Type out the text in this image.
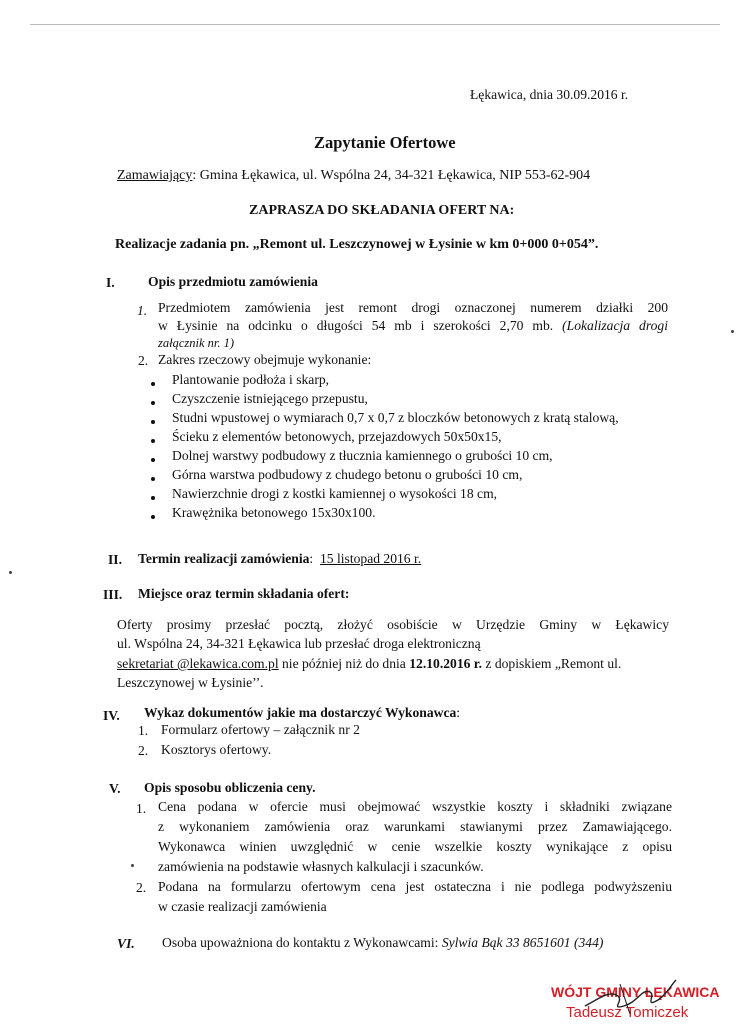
Łękawica, dnia 30.09.2016 r.
Zapytanie Ofertowe
Zamawiający: Gmina Łękawica, ul. Wspólna 24, 34-321 Łękawica, NIP 553-62-904
ZAPRASZA DO SKŁADANIA OFERT NA:
Realizacje zadania pn. „Remont ul. Leszczynowej w Łysinie w km 0+000 0+054”.
I. Opis przedmiotu zamówienia
1. Przedmiotem zamówienia jest remont drogi oznaczonej numerem działki 200
w Łysinie na odcinku o długości 54 mb i szerokości 2,70 mb. (Lokalizacja drogi
załącznik nr. 1)
2. Zakres rzeczowy obejmuje wykonanie:
Plantowanie podłoża i skarp,
Czyszczenie istniejącego przepustu,
Studni wpustowej o wymiarach 0,7 x 0,7 z bloczków betonowych z kratą stalową,
Ścieku z elementów betonowych, przejazdowych 50x50x15,
Dolnej warstwy podbudowy z tłucznia kamiennego o grubości 10 cm,
Górna warstwa podbudowy z chudego betonu o grubości 10 cm,
Nawierzchnie drogi z kostki kamiennej o wysokości 18 cm,
Krawężnika betonowego 15x30x100.
II. Termin realizacji zamówienia: 15 listopad 2016 r.
III. Miejsce oraz termin składania ofert:
Oferty prosimy przesłać pocztą, złożyć osobiście w Urzędzie Gminy w Łękawicy
ul. Wspólna 24, 34-321 Łękawica lub przesłać droga elektroniczną
sekretariat @lekawica.com.pl nie później niż do dnia 12.10.2016 r. z dopiskiem „Remont ul.
Leszczynowej w Łysinie’’.
IV. Wykaz dokumentów jakie ma dostarczyć Wykonawca:
1. Formularz ofertowy – załącznik nr 2
2. Kosztorys ofertowy.
V. Opis sposobu obliczenia ceny.
1. Cena podana w ofercie musi obejmować wszystkie koszty i składniki związane
z wykonaniem zamówienia oraz warunkami stawianymi przez Zamawiającego.
Wykonawca winien uwzględnić w cenie wszelkie koszty wynikające z opisu
zamówienia na podstawie własnych kalkulacji i szacunków.
2. Podana na formularzu ofertowym cena jest ostateczna i nie podlega podwyższeniu
w czasie realizacji zamówienia
VI. Osoba upoważniona do kontaktu z Wykonawcami: Sylwia Bąk 33 8651601 (344)
WÓJT GMINY ŁĘKAWICA
Tadeusz Tomiczek
